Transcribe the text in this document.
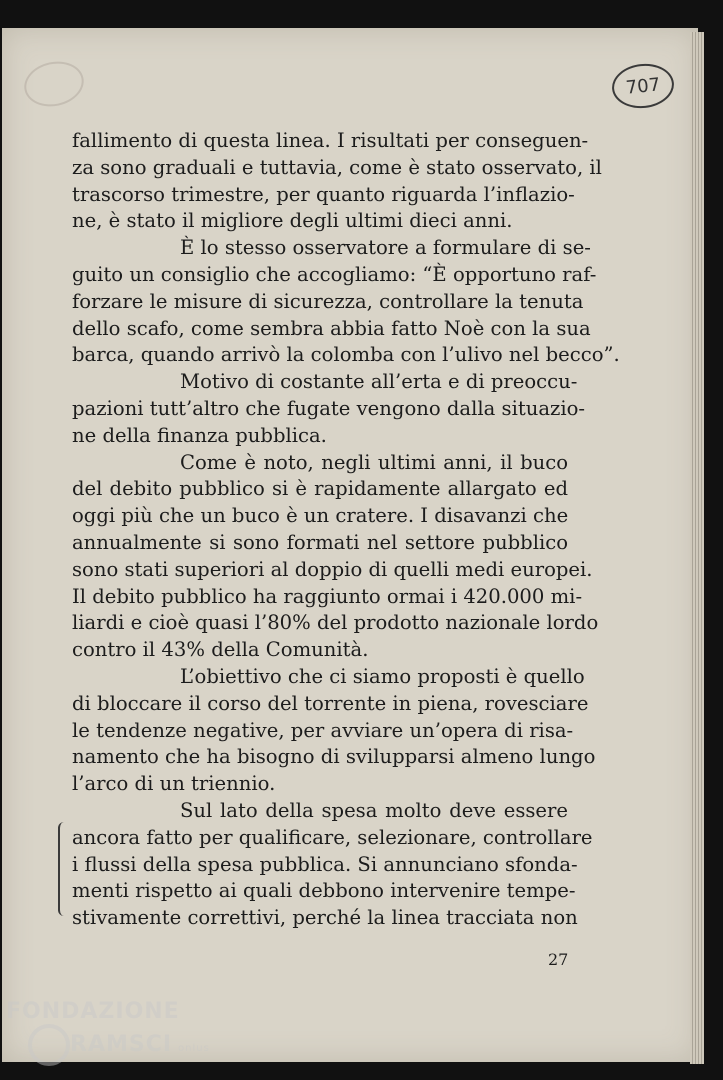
707
fallimento di questa linea. I risultati per conseguen-
za sono graduali e tuttavia, come è stato osservato, il
trascorso trimestre, per quanto riguarda l’inflazio-
ne, è stato il migliore degli ultimi dieci anni.
È lo stesso osservatore a formulare di se-
guito un consiglio che accogliamo: “È opportuno raf-
forzare le misure di sicurezza, controllare la tenuta
dello scafo, come sembra abbia fatto Noè con la sua
barca, quando arrivò la colomba con l’ulivo nel becco”.
Motivo di costante all’erta e di preoccu-
pazioni tutt’altro che fugate vengono dalla situazio-
ne della finanza pubblica.
Come è noto, negli ultimi anni, il buco
del debito pubblico si è rapidamente allargato ed
oggi più che un buco è un cratere. I disavanzi che
annualmente si sono formati nel settore pubblico
sono stati superiori al doppio di quelli medi europei.
Il debito pubblico ha raggiunto ormai i 420.000 mi-
liardi e cioè quasi l’80% del prodotto nazionale lordo
contro il 43% della Comunità.
L’obiettivo che ci siamo proposti è quello
di bloccare il corso del torrente in piena, rovesciare
le tendenze negative, per avviare un’opera di risa-
namento che ha bisogno di svilupparsi almeno lungo
l’arco di un triennio.
Sul lato della spesa molto deve essere
ancora fatto per qualificare, selezionare, controllare
i flussi della spesa pubblica. Si annunciano sfonda-
menti rispetto ai quali debbono intervenire tempe-
stivamente correttivi, perché la linea tracciata non
27
FONDAZIONE
RAMSCI onlus
